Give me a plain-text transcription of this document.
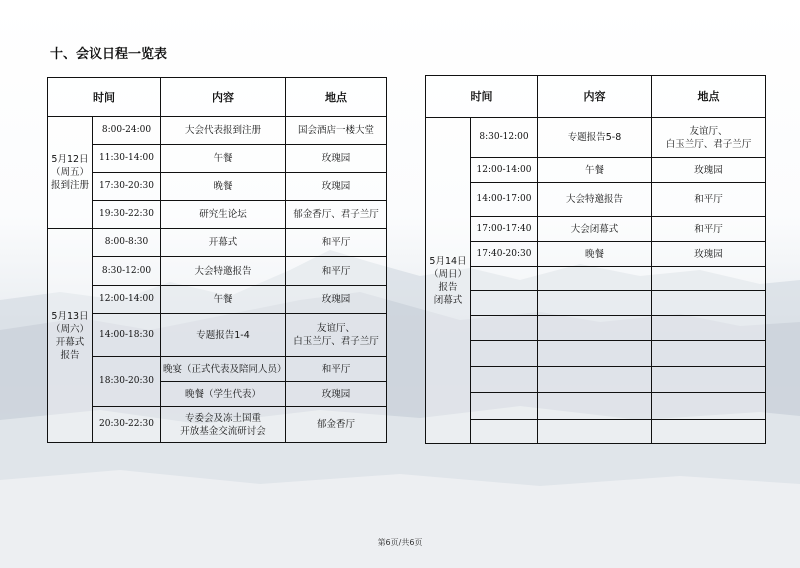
十、会议日程一览表
时间		内容	地点
5月12日
（周五）
报到注册	8:00-24:00	大会代表报到注册	国会酒店一楼大堂
	11:30-14:00	午餐	玫瑰园
	17:30-20:30	晚餐	玫瑰园
	19:30-22:30	研究生论坛	郁金香厅、君子兰厅
5月13日
（周六）
开幕式
报告	8:00-8:30	开幕式	和平厅
	8:30-12:00	大会特邀报告	和平厅
	12:00-14:00	午餐	玫瑰园
	14:00-18:30	专题报告1-4	友谊厅、
白玉兰厅、君子兰厅
	18:30-20:30	晚宴（正式代表及陪同人员）	和平厅
		晚餐（学生代表）	玫瑰园
	20:30-22:30	专委会及冻土国重
开放基金交流研讨会	郁金香厅
时间		内容	地点
5月14日
（周日）
报告
闭幕式	8:30-12:00	专题报告5-8	友谊厅、
白玉兰厅、君子兰厅
	12:00-14:00	午餐	玫瑰园
	14:00-17:00	大会特邀报告	和平厅
	17:00-17:40	大会闭幕式	和平厅
	17:40-20:30	晚餐	玫瑰园

第6页/共6页
